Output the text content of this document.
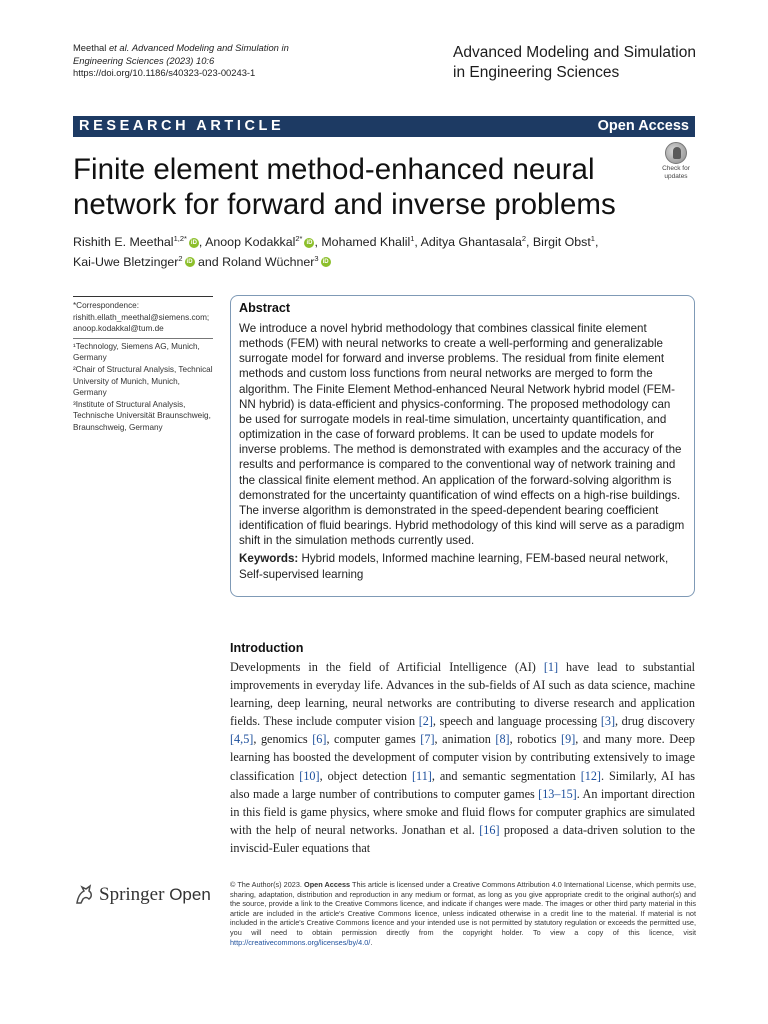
Meethal et al. Advanced Modeling and Simulation in Engineering Sciences (2023) 10:6
https://doi.org/10.1186/s40323-023-00243-1
Advanced Modeling and Simulation
in Engineering Sciences
RESEARCH ARTICLE	Open Access
Finite element method-enhanced neural network for forward and inverse problems
Check for
updates
Rishith E. Meethal$^{1,2*}$ iD , Anoop Kodakkal$^{2*}$ iD , Mohamed Khalil$^1$, Aditya Ghantasala$^2$, Birgit Obst$^1$,
Kai-Uwe Bletzinger$^2$ iD and Roland Wüchner$^3$ iD

*Correspondence:

rishith.ellath_meethal@siemens.com;

anoop.kodakkal@tum.de

¹Technology, Siemens AG, Munich, Germany

²Chair of Structural Analysis, Technical University of Munich, Munich, Germany

³Institute of Structural Analysis, Technische Universität Braunschweig, Braunschweig, Germany

Abstract
We introduce a novel hybrid methodology that combines classical finite element methods (FEM) with neural networks to create a well-performing and generalizable surrogate model for forward and inverse problems. The residual from finite element methods and custom loss functions from neural networks are merged to form the algorithm. The Finite Element Method-enhanced Neural Network hybrid model (FEM-NN hybrid) is data-efficient and physics-conforming. The proposed methodology can be used for surrogate models in real-time simulation, uncertainty quantification, and optimization in the case of forward problems. It can be used to update models for inverse problems. The method is demonstrated with examples and the accuracy of the results and performance is compared to the conventional way of network training and the classical finite element method. An application of the forward-solving algorithm is demonstrated for the uncertainty quantification of wind effects on a high-rise buildings. The inverse algorithm is demonstrated in the speed-dependent bearing coefficient identification of fluid bearings. Hybrid methodology of this kind will serve as a paradigm shift in the simulation methods currently used.
Keywords: Hybrid models, Informed machine learning, FEM-based neural network, Self-supervised learning
Introduction
Developments in the field of Artificial Intelligence (AI) [1] have lead to substantial improvements in everyday life. Advances in the sub-fields of AI such as data science, machine learning, deep learning, neural networks are contributing to diverse research and application fields. These include computer vision [2], speech and language processing [3], drug discovery [4,5], genomics [6], computer games [7], animation [8], robotics [9], and many more. Deep learning has boosted the development of computer vision by contributing extensively to image classification [10], object detection [11], and semantic segmentation [12]. Similarly, AI has also made a large number of contributions to computer games [13–15]. An important direction in this field is game physics, where smoke and fluid flows for computer graphics are simulated with the help of neural networks. Jonathan et al. [16] proposed a data-driven solution to the inviscid-Euler equations that
Springer Open
© The Author(s) 2023. Open Access This article is licensed under a Creative Commons Attribution 4.0 International License, which permits use, sharing, adaptation, distribution and reproduction in any medium or format, as long as you give appropriate credit to the original author(s) and the source, provide a link to the Creative Commons licence, and indicate if changes were made. The images or other third party material in this article are included in the article's Creative Commons licence, unless indicated otherwise in a credit line to the material. If material is not included in the article's Creative Commons licence and your intended use is not permitted by statutory regulation or exceeds the permitted use, you will need to obtain permission directly from the copyright holder. To view a copy of this licence, visit http://creativecommons.org/licenses/by/4.0/.
